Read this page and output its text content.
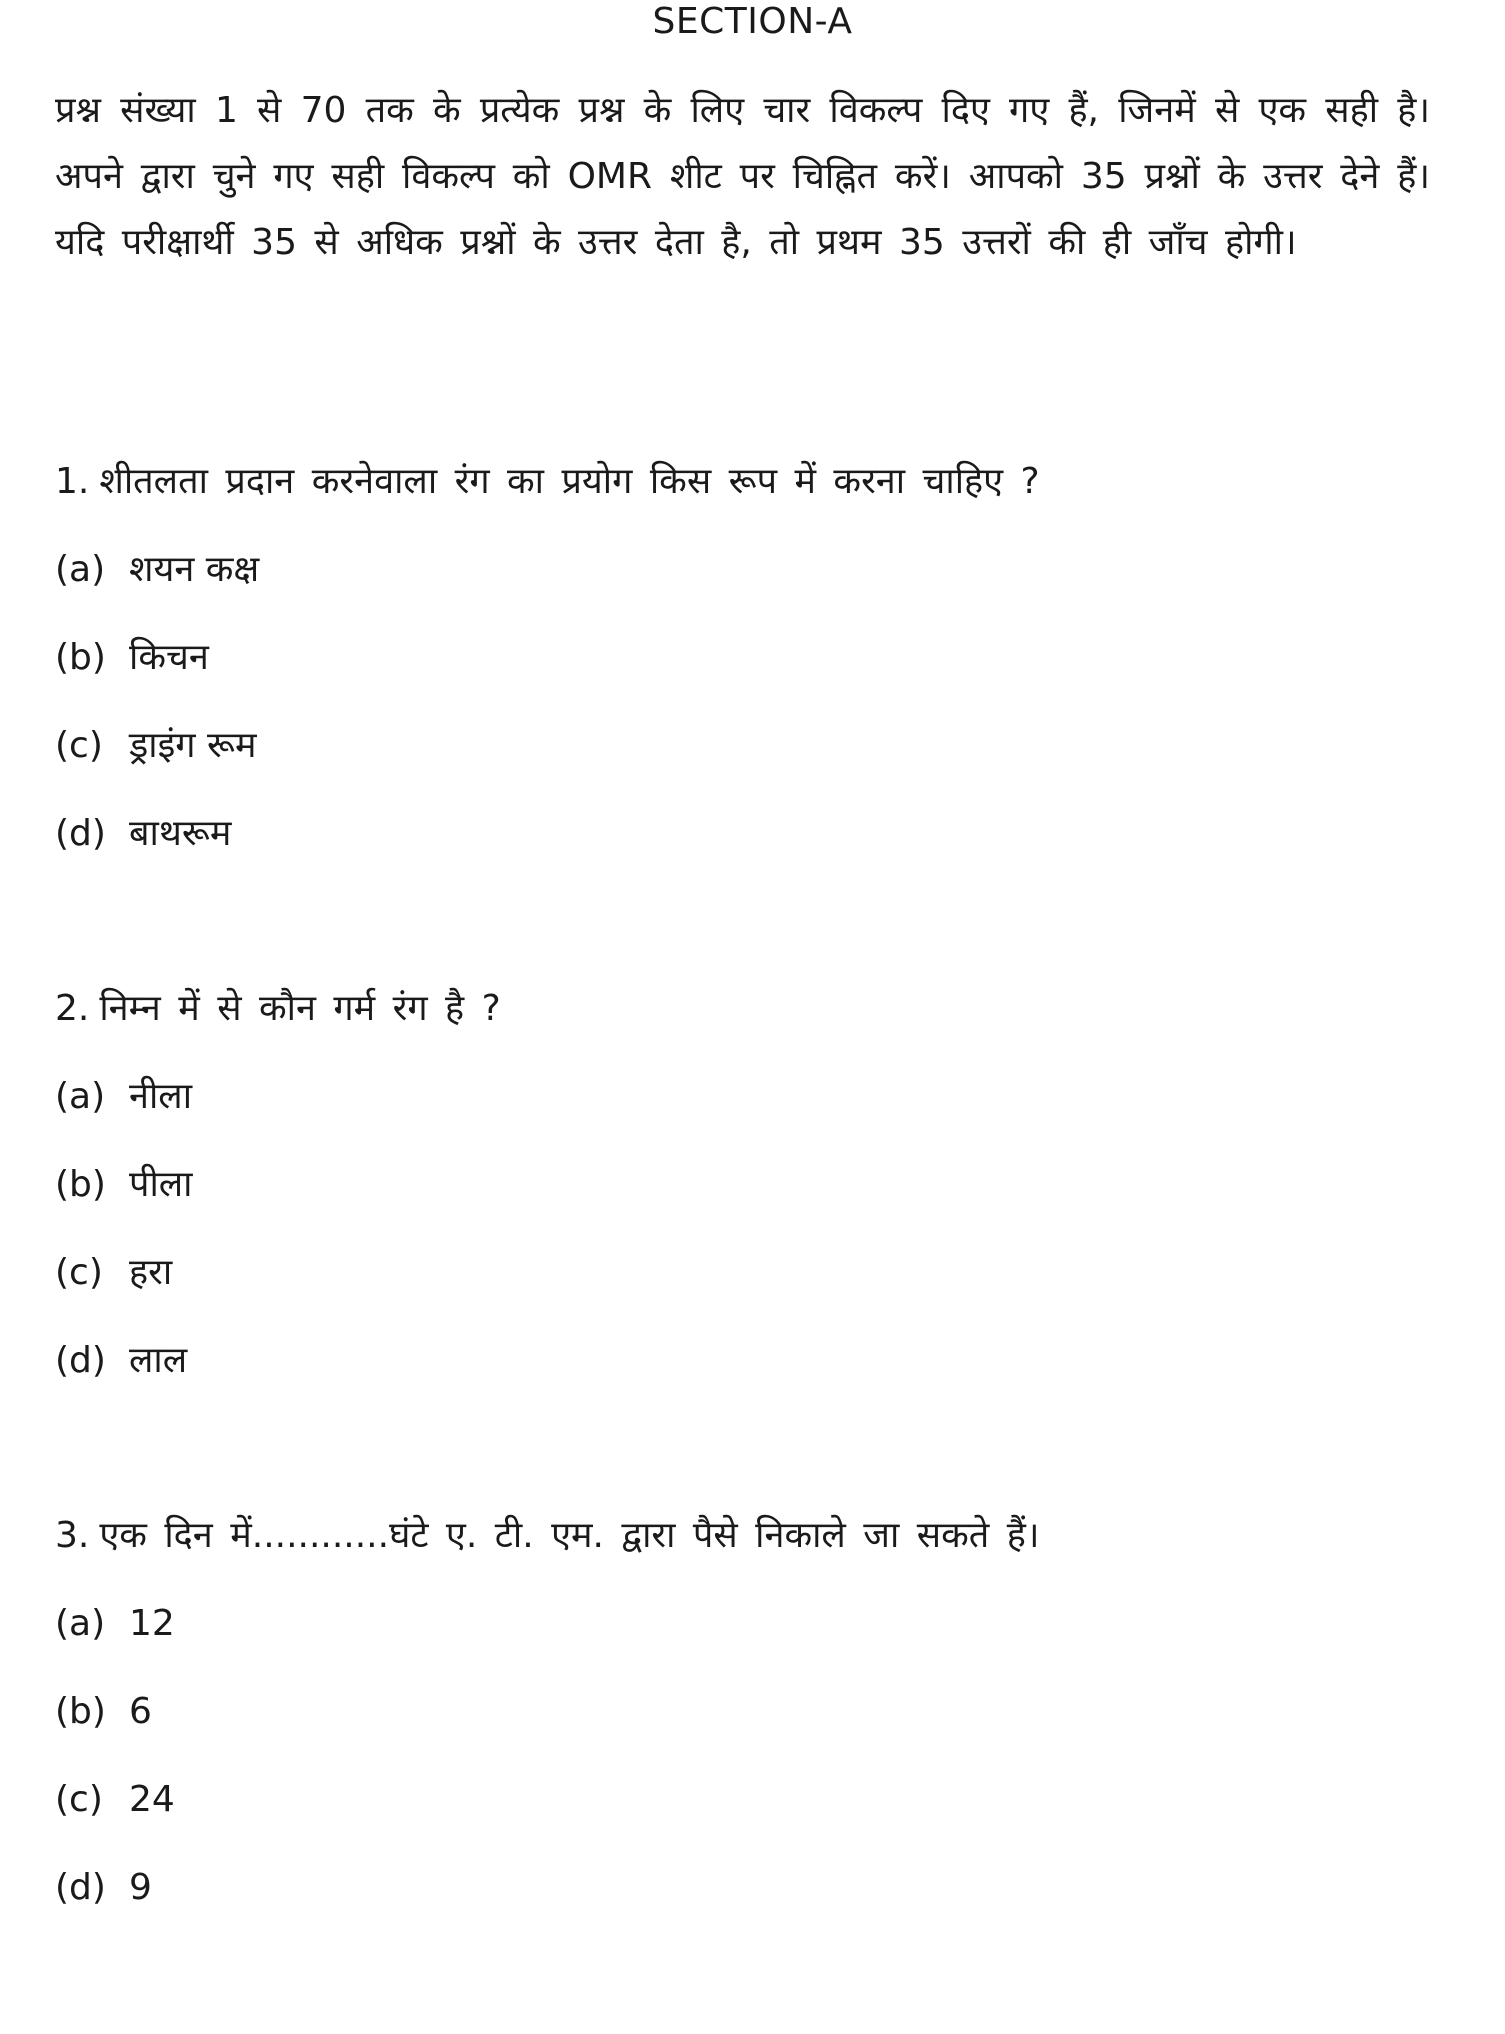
SECTION-A

प्रश्न संख्या 1 से 70 तक के प्रत्येक प्रश्न के लिए चार विकल्प दिए गए हैं, जिनमें से एक सही है। अपने द्वारा चुने गए सही विकल्प को OMR शीट पर चिह्नित करें। आपको 35 प्रश्नों के उत्तर देने हैं। यदि परीक्षार्थी 35 से अधिक प्रश्नों के उत्तर देता है, तो प्रथम 35 उत्तरों की ही जाँच होगी।

1. शीतलता प्रदान करनेवाला रंग का प्रयोग किस रूप में करना चाहिए ?

(a) शयन कक्ष
(b) किचन
(c) ड्राइंग रूम
(d) बाथरूम

2. निम्न में से कौन गर्म रंग है ?

(a) नीला
(b) पीला
(c) हरा
(d) लाल

3. एक दिन में............घंटे ए. टी. एम. द्वारा पैसे निकाले जा सकते हैं।

(a) 12
(b) 6
(c) 24
(d) 9
